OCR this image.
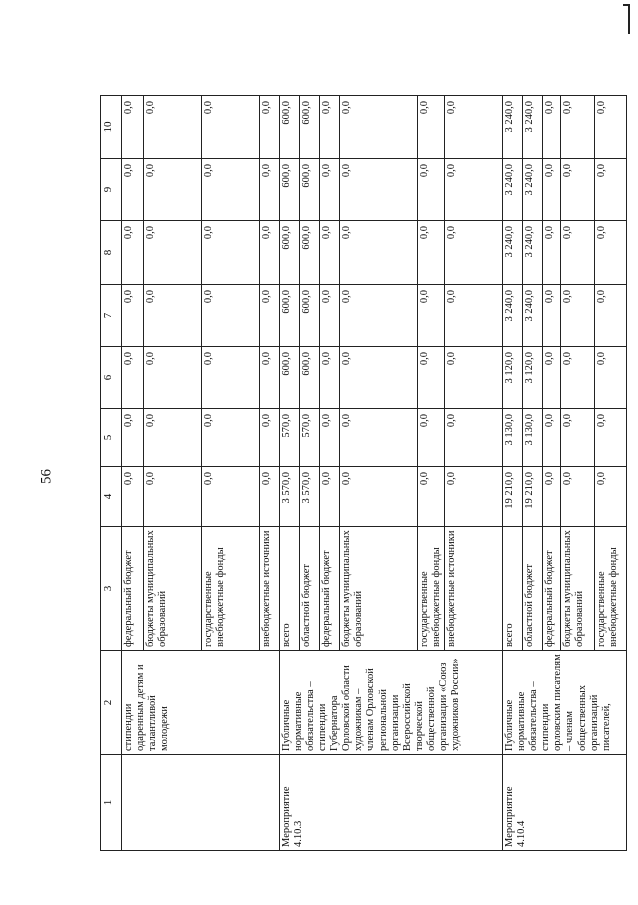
56
1	2	3	4	5	6	7	8	9	10
	стипендии одаренным детям и талантливой молодежи	федеральный бюджет	0,0	0,0	0,0	0,0	0,0	0,0	0,0
		бюджеты муниципальных образований	0,0	0,0	0,0	0,0	0,0	0,0	0,0
		государственные внебюджетные фонды	0,0	0,0	0,0	0,0	0,0	0,0	0,0
		внебюджетные источники	0,0	0,0	0,0	0,0	0,0	0,0	0,0
Мероприятие 4.10.3	Публичные нормативные обязательства – стипендии Губернатора Орловской области художникам – членам Орловской региональной организации Всероссийской творческой общественной организации «Союз художников России»	всего	3 570,0	570,0	600,0	600,0	600,0	600,0	600,0
		областной бюджет	3 570,0	570,0	600,0	600,0	600,0	600,0	600,0
		федеральный бюджет	0,0	0,0	0,0	0,0	0,0	0,0	0,0
		бюджеты муниципальных образований	0,0	0,0	0,0	0,0	0,0	0,0	0,0
		государственные внебюджетные фонды	0,0	0,0	0,0	0,0	0,0	0,0	0,0
		внебюджетные источники	0,0	0,0	0,0	0,0	0,0	0,0	0,0
Мероприятие 4.10.4	Публичные нормативные обязательства – стипендии орловским писателям – членам общественных организаций писателей,	всего	19 210,0	3 130,0	3 120,0	3 240,0	3 240,0	3 240,0	3 240,0
		областной бюджет	19 210,0	3 130,0	3 120,0	3 240,0	3 240,0	3 240,0	3 240,0
		федеральный бюджет	0,0	0,0	0,0	0,0	0,0	0,0	0,0
		бюджеты муниципальных образований	0,0	0,0	0,0	0,0	0,0	0,0	0,0
		государственные внебюджетные фонды	0,0	0,0	0,0	0,0	0,0	0,0	0,0
